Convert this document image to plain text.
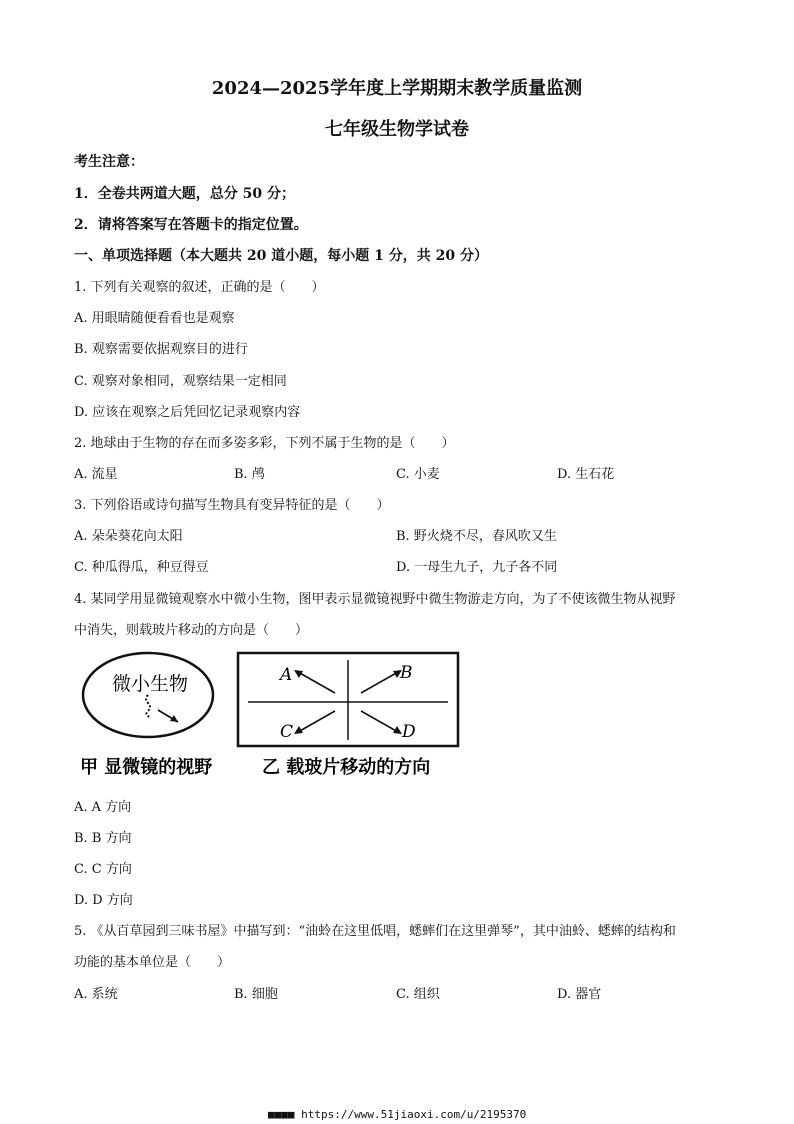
2024—2025学年度上学期期末教学质量监测
七年级生物学试卷
考生注意：
1．全卷共两道大题，总分 50 分；
2．请将答案写在答题卡的指定位置。
一、单项选择题（本大题共 20 道小题，每小题 1 分，共 20 分）
1. 下列有关观察的叙述，正确的是（　　）
A. 用眼睛随便看看也是观察
B. 观察需要依据观察目的进行
C. 观察对象相同，观察结果一定相同
D. 应该在观察之后凭回忆记录观察内容
2. 地球由于生物的存在而多姿多彩，下列不属于生物的是（　　）
A. 流星	B. 鸬	C. 小麦	D. 生石花
3. 下列俗语或诗句描写生物具有变异特征的是（　　）
A. 朵朵葵花向太阳	B. 野火烧不尽，春风吹又生
C. 种瓜得瓜，种豆得豆	D. 一母生九子，九子各不同
4. 某同学用显微镜观察水中微小生物，图甲表示显微镜视野中微生物游走方向，为了不使该微生物从视野
中消失，则载玻片移动的方向是（　　）
微小生物
甲 显微镜的视野
A	B
C	D
乙 载玻片移动的方向
A. A 方向
B. B 方向
C. C 方向
D. D 方向
5. 《从百草园到三味书屋》中描写到：“油蛉在这里低唱，蟋蟀们在这里弹琴”，其中油蛉、蟋蟀的结构和
功能的基本单位是（　　）
A. 系统	B. 细胞	C. 组织	D. 器官
■■■■ https://www.51jiaoxi.com/u/2195370
